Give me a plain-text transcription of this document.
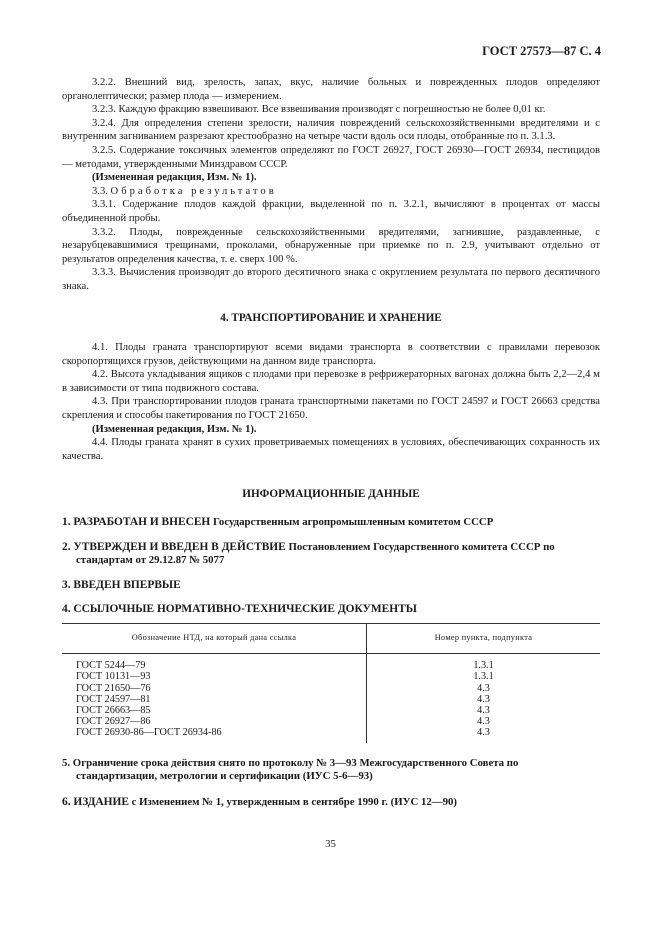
ГОСТ 27573—87 С. 4

3.2.2. Внешний вид, зрелость, запах, вкус, наличие больных и поврежденных плодов определяют органолептически; размер плода — измерением.

3.2.3. Каждую фракцию взвешивают. Все взвешивания производят с погрешностью не более 0,01 кг.

3.2.4. Для определения степени зрелости, наличия повреждений сельскохозяйственными вредителями и с внутренним загниванием разрезают крестообразно на четыре части вдоль оси плоды, отобранные по п. 3.1.3.

3.2.5. Содержание токсичных элементов определяют по ГОСТ 26927, ГОСТ 26930—ГОСТ 26934, пестицидов — методами, утвержденными Минздравом СССР.

(Измененная редакция, Изм. № 1).

3.3. Обработка результатов

3.3.1. Содержание плодов каждой фракции, выделенной по п. 3.2.1, вычисляют в процентах от массы объединенной пробы.

3.3.2. Плоды, поврежденные сельскохозяйственными вредителями, загнившие, раздавленные, с незарубцевавшимися трещинами, проколами, обнаруженные при приемке по п. 2.9, учитывают отдельно от результатов определения качества, т. е. сверх 100 %.

3.3.3. Вычисления производят до второго десятичного знака с округлением результата по первого десятичного знака.

4. ТРАНСПОРТИРОВАНИЕ И ХРАНЕНИЕ

4.1. Плоды граната транспортируют всеми видами транспорта в соответствии с правилами перевозок скоропортящихся грузов, действующими на данном виде транспорта.

4.2. Высота укладывания ящиков с плодами при перевозке в рефрижераторных вагонах должна быть 2,2—2,4 м в зависимости от типа подвижного состава.

4.3. При транспортировании плодов граната транспортными пакетами по ГОСТ 24597 и ГОСТ 26663 средства скрепления и способы пакетирования по ГОСТ 21650.

(Измененная редакция, Изм. № 1).

4.4. Плоды граната хранят в сухих проветриваемых помещениях в условиях, обеспечивающих сохранность их качества.

ИНФОРМАЦИОННЫЕ ДАННЫЕ

1. РАЗРАБОТАН И ВНЕСЕН Государственным агропромышленным комитетом СССР

2. УТВЕРЖДЕН И ВВЕДЕН В ДЕЙСТВИЕ Постановлением Государственного комитета СССР по стандартам от 29.12.87 № 5077

3. ВВЕДЕН ВПЕРВЫЕ

4. ССЫЛОЧНЫЕ НОРМАТИВНО-ТЕХНИЧЕСКИЕ ДОКУМЕНТЫ

Обозначение НТД, на который дана ссылка	Номер пункта, подпункта
ГОСТ 5244—79	1.3.1
ГОСТ 10131—93	1.3.1
ГОСТ 21650—76	4.3
ГОСТ 24597—81	4.3
ГОСТ 26663—85	4.3
ГОСТ 26927—86	4.3
ГОСТ 26930-86—ГОСТ 26934-86	4.3

5. Ограничение срока действия снято по протоколу № 3—93 Межгосударственного Совета по стандартизации, метрологии и сертификации (ИУС 5-6—93)

6. ИЗДАНИЕ с Изменением № 1, утвержденным в сентябре 1990 г. (ИУС 12—90)

35
